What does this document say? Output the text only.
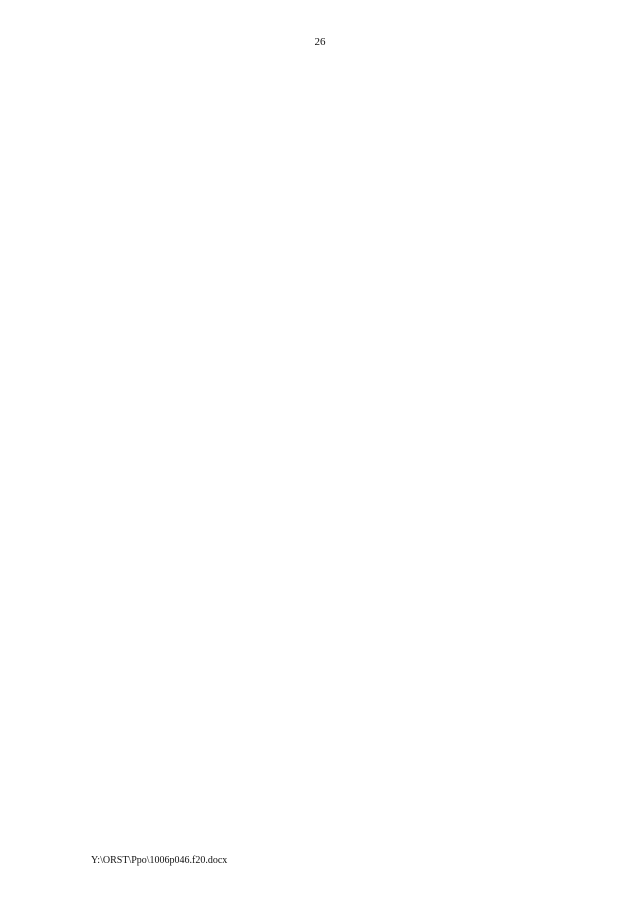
26

Y:\ORST\Ppo\1006p046.f20.docx
